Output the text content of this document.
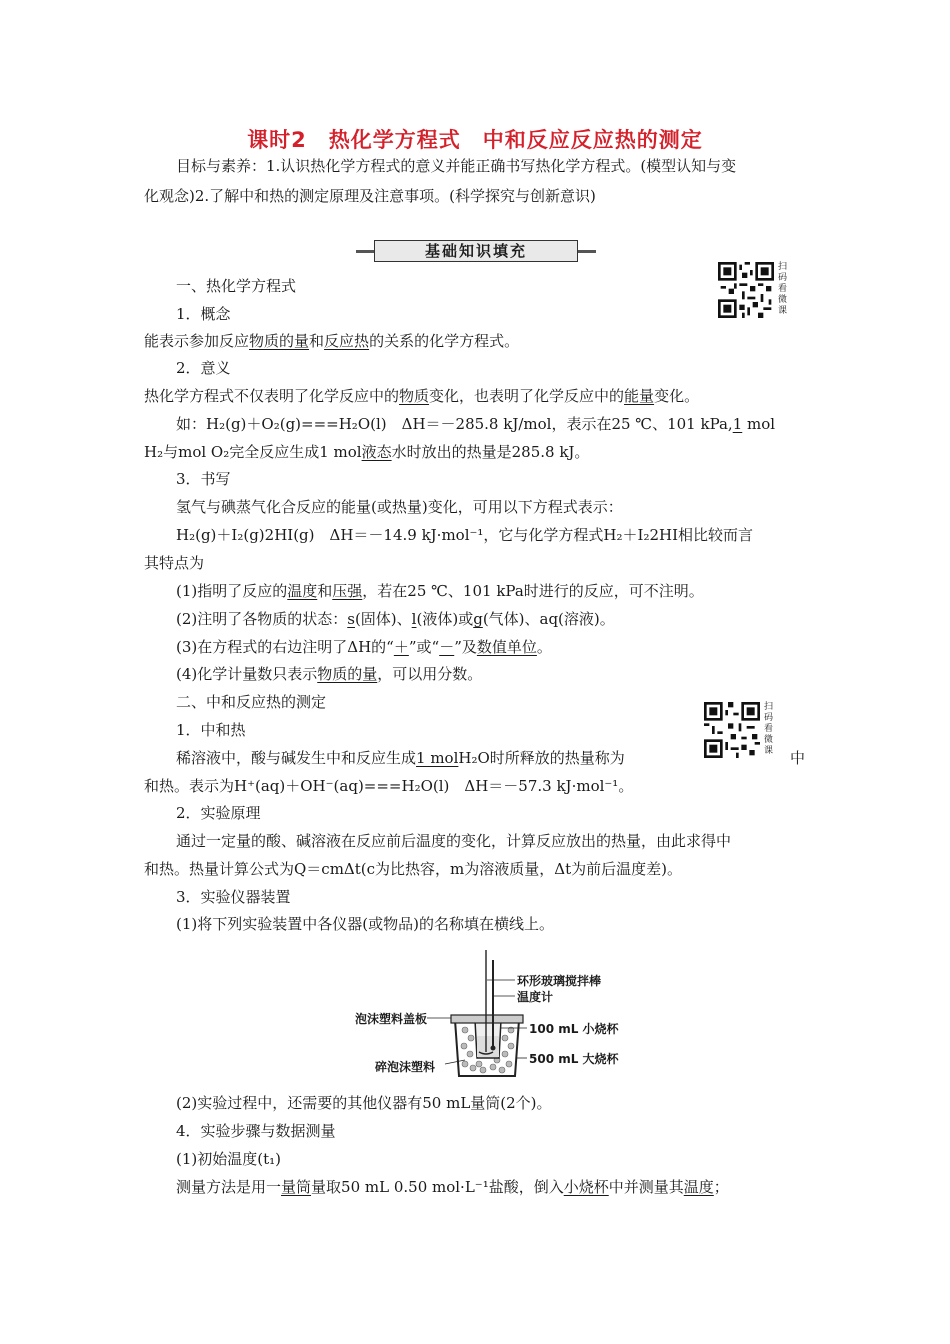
课时2　热化学方程式　中和反应反应热的测定
目标与素养：1.认识热化学方程式的意义并能正确书写热化学方程式。(模型认知与变
化观念)2.了解中和热的测定原理及注意事项。(科学探究与创新意识)
基础知识填充
扫码看微课
一、热化学方程式
1．概念
能表示参加反应物质的量和反应热的关系的化学方程式。
2．意义
热化学方程式不仅表明了化学反应中的物质变化，也表明了化学反应中的能量变化。
如：H₂(g)＋O₂(g)===H₂O(l)　ΔH＝－285.8 kJ/mol，表示在25 ℃、101 kPa,1 mol
H₂与mol O₂完全反应生成1 mol液态水时放出的热量是285.8 kJ。
3．书写
氢气与碘蒸气化合反应的能量(或热量)变化，可用以下方程式表示：
H₂(g)＋I₂(g)2HI(g)　ΔH＝－14.9 kJ·mol⁻¹，它与化学方程式H₂＋I₂2HI相比较而言
其特点为
(1)指明了反应的温度和压强，若在25 ℃、101 kPa时进行的反应，可不注明。
(2)注明了各物质的状态：s(固体)、l(液体)或g(气体)、aq(溶液)。
(3)在方程式的右边注明了ΔH的“＋”或“－”及数值单位。
(4)化学计量数只表示物质的量，可以用分数。
二、中和反应热的测定	扫码看微课
1．中和热
稀溶液中，酸与碱发生中和反应生成1 molH₂O时所释放的热量称为	中
和热。表示为H⁺(aq)＋OH⁻(aq)===H₂O(l)　ΔH＝－57.3 kJ·mol⁻¹。
2．实验原理
通过一定量的酸、碱溶液在反应前后温度的变化，计算反应放出的热量，由此求得中
和热。热量计算公式为Q＝cmΔt(c为比热容，m为溶液质量，Δt为前后温度差)。
3．实验仪器装置
(1)将下列实验装置中各仪器(或物品)的名称填在横线上。
环形玻璃搅拌棒
温度计
泡沫塑料盖板
100 mL 小烧杯
碎泡沫塑料
500 mL 大烧杯
(2)实验过程中，还需要的其他仪器有50 mL量筒(2个)。
4．实验步骤与数据测量
(1)初始温度(t₁)
测量方法是用一量筒量取50 mL 0.50 mol·L⁻¹盐酸，倒入小烧杯中并测量其温度；
